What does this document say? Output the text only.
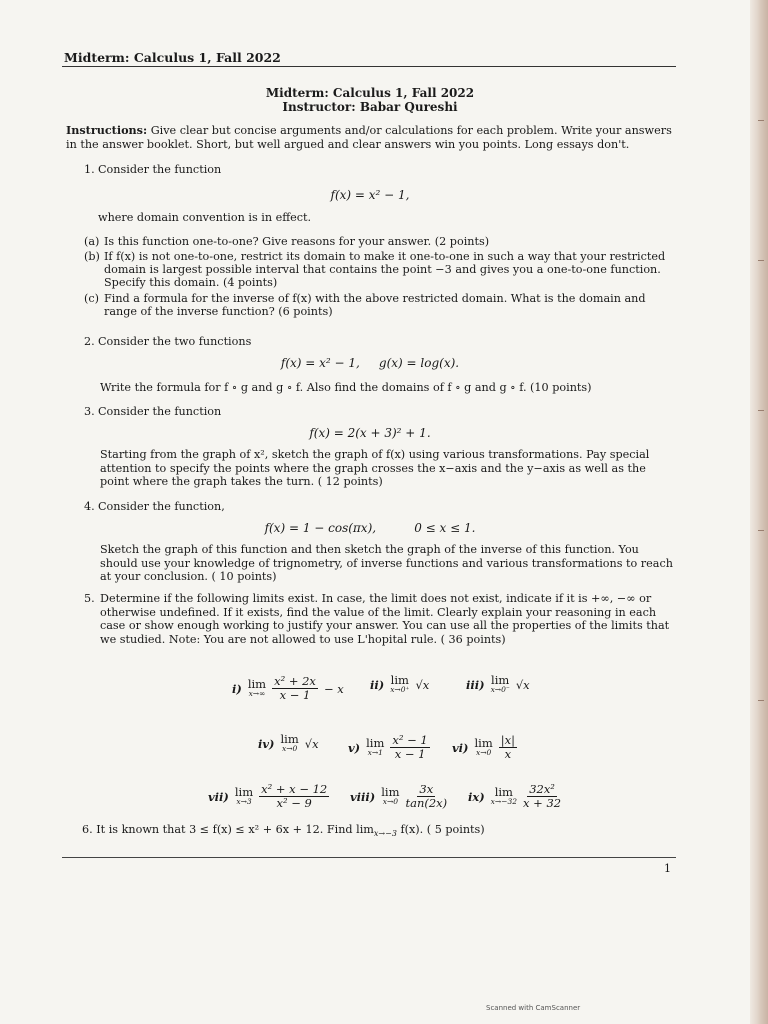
Midterm: Calculus 1, Fall 2022
Midterm: Calculus 1, Fall 2022
Instructor: Babar Qureshi
Instructions: Give clear but concise arguments and/or calculations for each problem. Write your answers in the answer booklet. Short, but well argued and clear answers win you points. Long essays don't.
1. Consider the function
f(x) = x² − 1,
where domain convention is in effect.
(a) Is this function one-to-one? Give reasons for your answer. (2 points)
(b) If f(x) is not one-to-one, restrict its domain to make it one-to-one in such a way that your restricted domain is largest possible interval that contains the point −3 and gives you a one-to-one function. Specify this domain. (4 points)
(c) Find a formula for the inverse of f(x) with the above restricted domain. What is the domain and range of the inverse function? (6 points)
2. Consider the two functions
f(x) = x² − 1,     g(x) = log(x).
Write the formula for f ∘ g and g ∘ f. Also find the domains of f ∘ g and g ∘ f. (10 points)
3. Consider the function
f(x) = 2(x + 3)² + 1.
Starting from the graph of x², sketch the graph of f(x) using various transformations. Pay special attention to specify the points where the graph crosses the x−axis and the y−axis as well as the point where the graph takes the turn. ( 12 points)
4. Consider the function,
f(x) = 1 − cos(πx),          0 ≤ x ≤ 1.
Sketch the graph of this function and then sketch the graph of the inverse of this function. You should use your knowledge of trignometry, of inverse functions and various transformations to reach at your conclusion. ( 10 points)
5. Determine if the following limits exist. In case, the limit does not exist, indicate if it is +∞, −∞ or otherwise undefined. If it exists, find the value of the limit. Clearly explain your reasoning in each case or show enough working to justify your answer. You can use all the properties of the limits that we studied. Note: You are not allowed to use L'hopital rule. ( 36 points)
i) lim
$x\to\infty \frac{\text{x² + 2x}}{x - 1} - x$ ii) lim
x→0⁺ √x	iii) lim
x→0⁻ √x
iv) lim
x→0 √x	v) lim
$x\to 1 \frac{\text{x² − 1}}{x - 1} vi$) lim
$x\to 0 \frac{|x|}{x}$
vii) lim
$x\to 3 \frac{\text{x² + x − 12}}{\text{x² − 9}}$ viii) lim
$x\to 0 \frac{3x}{\tan(2x)} ix$) lim
$x\to-32 \frac{\text{32x²}}{x + 32}$
6. It is known that 3 ≤ f(x) ≤ x² + 6x + 12. Find $\lim_{x\to-3} f(x)$. ( 5 points)
1
Scanned with CamScanner
